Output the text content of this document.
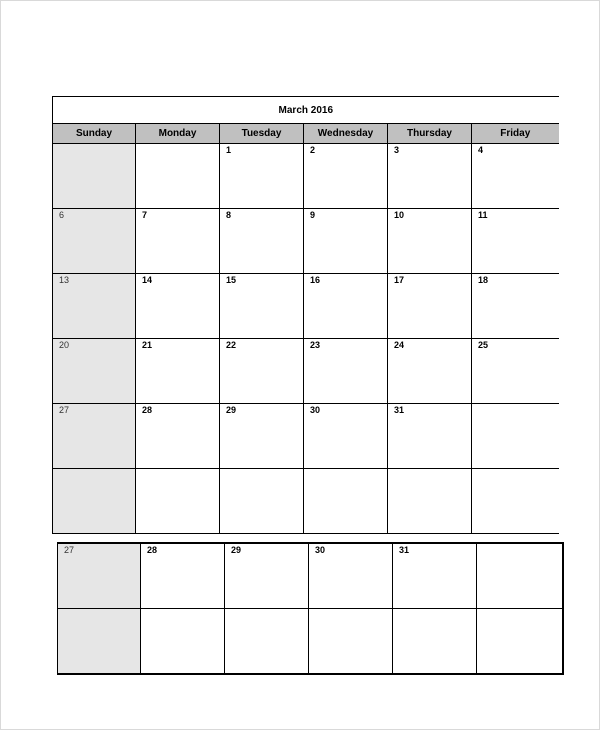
March 2016					
Sunday	Monday	Tuesday	Wednesday	Thursday	Friday

		1	2	3	4

6	7	8	9	10	11

13	14	15	16	17	18

20	21	22	23	24	25

27	28	29	30	31	

27	28	29	30	31	
